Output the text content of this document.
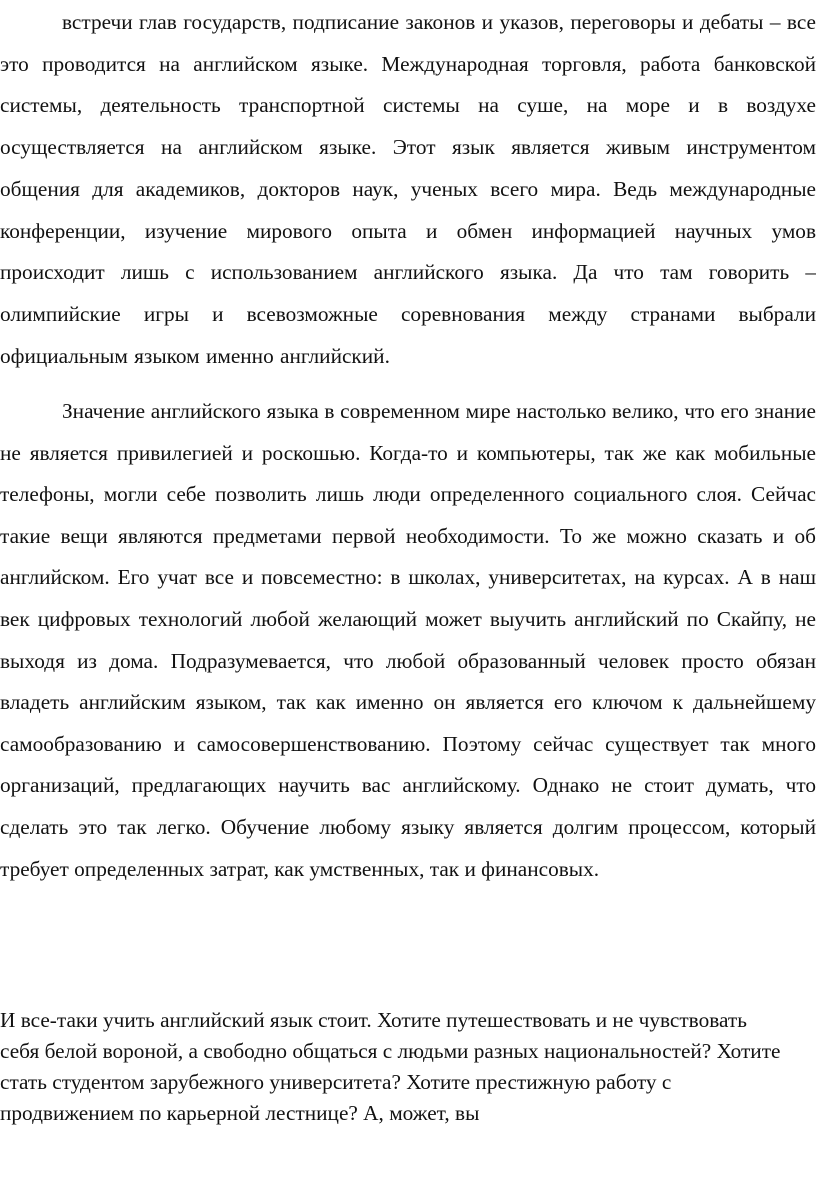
встречи глав государств, подписание законов и указов, переговоры и дебаты – все это проводится на английском языке. Международная торговля, работа банковской системы, деятельность транспортной системы на суше, на море и в воздухе осуществляется на английском языке. Этот язык является живым инструментом общения для академиков, докторов наук, ученых всего мира. Ведь международные конференции, изучение мирового опыта и обмен информацией научных умов происходит лишь с использованием английского языка. Да что там говорить – олимпийские игры и всевозможные соревнования между странами выбрали официальным языком именно английский.

Значение английского языка в современном мире настолько велико, что его знание не является привилегией и роскошью. Когда-то и компьютеры, так же как мобильные телефоны, могли себе позволить лишь люди определенного социального слоя. Сейчас такие вещи являются предметами первой необходимости. То же можно сказать и об английском. Его учат все и повсеместно: в школах, университетах, на курсах. А в наш век цифровых технологий любой желающий может выучить английский по Скайпу, не выходя из дома. Подразумевается, что любой образованный человек просто обязан владеть английским языком, так как именно он является его ключом к дальнейшему самообразованию и самосовершенствованию. Поэтому сейчас существует так много организаций, предлагающих научить вас английскому. Однако не стоит думать, что сделать это так легко. Обучение любому языку является долгим процессом, который требует определенных затрат, как умственных, так и финансовых.

И все-таки учить английский язык стоит. Хотите путешествовать и не чувствовать себя белой вороной, а свободно общаться с людьми разных национальностей? Хотите стать студентом зарубежного университета? Хотите престижную работу с продвижением по карьерной лестнице? А, может, вы
